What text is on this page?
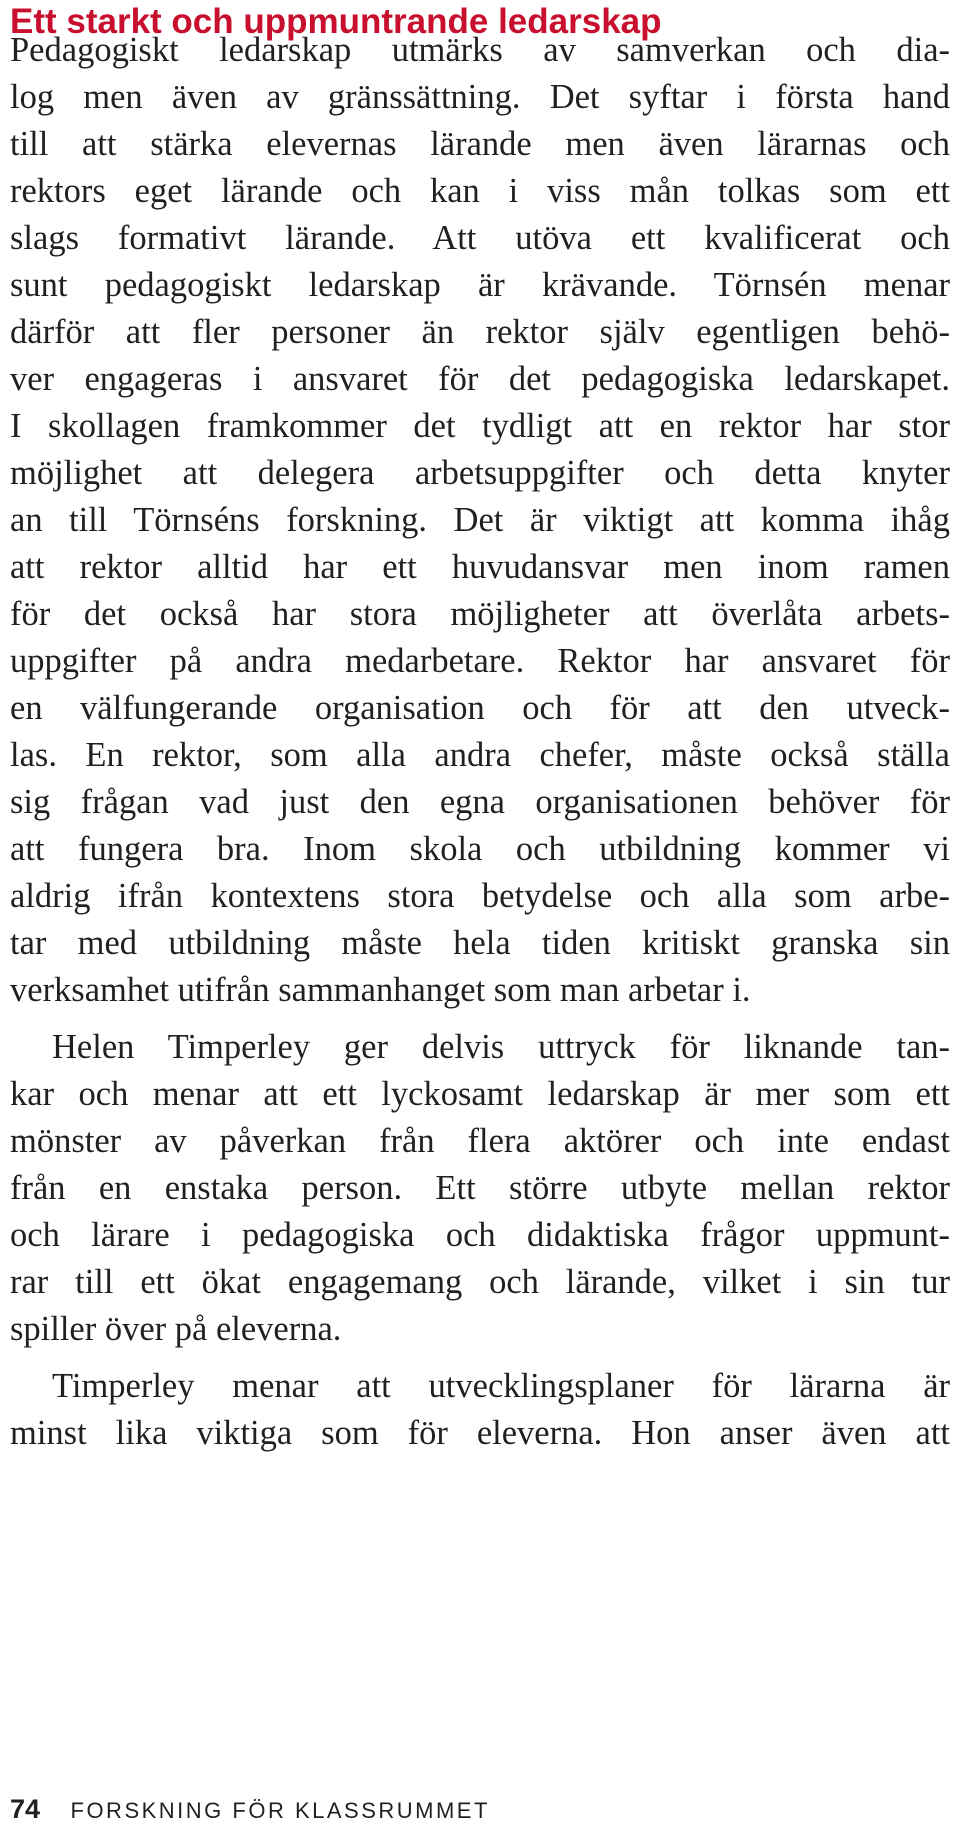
Ett starkt och uppmuntrande ledarskap
Pedagogiskt ledarskap utmärks av samverkan och dia-
log men även av gränssättning. Det syftar i första hand
till att stärka elevernas lärande men även lärarnas och
rektors eget lärande och kan i viss mån tolkas som ett
slags formativt lärande. Att utöva ett kvalificerat och
sunt pedagogiskt ledarskap är krävande. Törnsén menar
därför att fler personer än rektor själv egentligen behö-
ver engageras i ansvaret för det pedagogiska ledarskapet.
I skollagen framkommer det tydligt att en rektor har stor
möjlighet att delegera arbetsuppgifter och detta knyter
an till Törnséns forskning. Det är viktigt att komma ihåg
att rektor alltid har ett huvudansvar men inom ramen
för det också har stora möjligheter att överlåta arbets-
uppgifter på andra medarbetare. Rektor har ansvaret för
en välfungerande organisation och för att den utveck-
las. En rektor, som alla andra chefer, måste också ställa
sig frågan vad just den egna organisationen behöver för
att fungera bra. Inom skola och utbildning kommer vi
aldrig ifrån kontextens stora betydelse och alla som arbe-
tar med utbildning måste hela tiden kritiskt granska sin
verksamhet utifrån sammanhanget som man arbetar i.
Helen Timperley ger delvis uttryck för liknande tan-
kar och menar att ett lyckosamt ledarskap är mer som ett
mönster av påverkan från flera aktörer och inte endast
från en enstaka person. Ett större utbyte mellan rektor
och lärare i pedagogiska och didaktiska frågor uppmunt-
rar till ett ökat engagemang och lärande, vilket i sin tur
spiller över på eleverna.
Timperley menar att utvecklingsplaner för lärarna är
minst lika viktiga som för eleverna. Hon anser även att
74 FORSKNING FÖR KLASSRUMMET
